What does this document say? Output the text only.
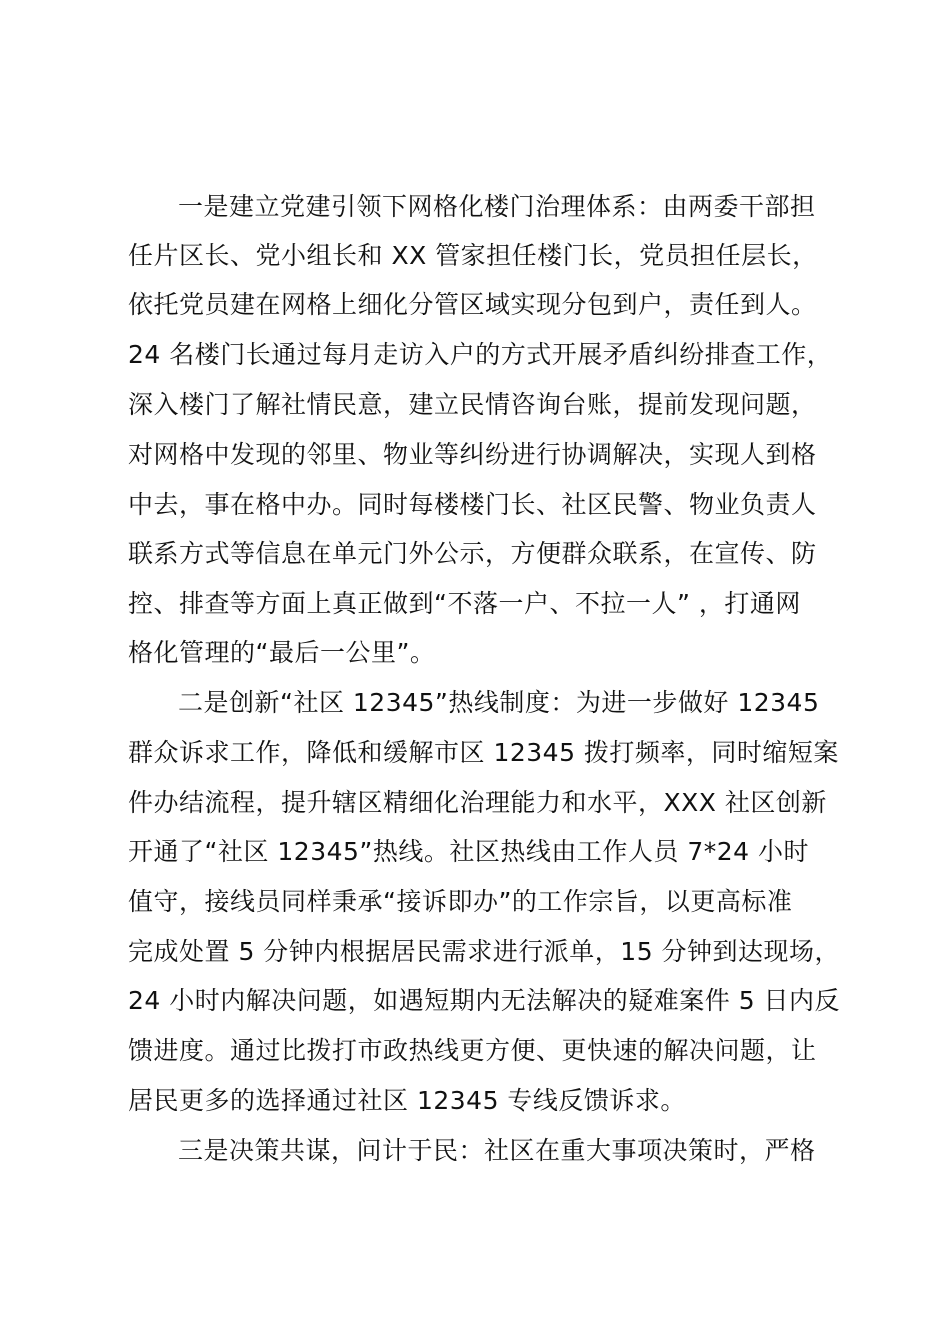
一是建立党建引领下网格化楼门治理体系：由两委干部担
任片区长、党小组长和 XX 管家担任楼门长，党员担任层长，
依托党员建在网格上细化分管区域实现分包到户，责任到人。
24 名楼门长通过每月走访入户的方式开展矛盾纠纷排查工作，
深入楼门了解社情民意，建立民情咨询台账，提前发现问题，
对网格中发现的邻里、物业等纠纷进行协调解决，实现人到格
中去，事在格中办。同时每楼楼门长、社区民警、物业负责人
联系方式等信息在单元门外公示，方便群众联系，在宣传、防
控、排查等方面上真正做到“不落一户、不拉一人” ，打通网
格化管理的“最后一公里”。
二是创新“社区 12345”热线制度：为进一步做好 12345
群众诉求工作，降低和缓解市区 12345 拨打频率，同时缩短案
件办结流程，提升辖区精细化治理能力和水平，XXX 社区创新
开通了“社区 12345”热线。社区热线由工作人员 7*24 小时
值守，接线员同样秉承“接诉即办”的工作宗旨，以更高标准
完成处置 5 分钟内根据居民需求进行派单，15 分钟到达现场，
24 小时内解决问题，如遇短期内无法解决的疑难案件 5 日内反
馈进度。通过比拨打市政热线更方便、更快速的解决问题，让
居民更多的选择通过社区 12345 专线反馈诉求。
三是决策共谋，问计于民：社区在重大事项决策时，严格
